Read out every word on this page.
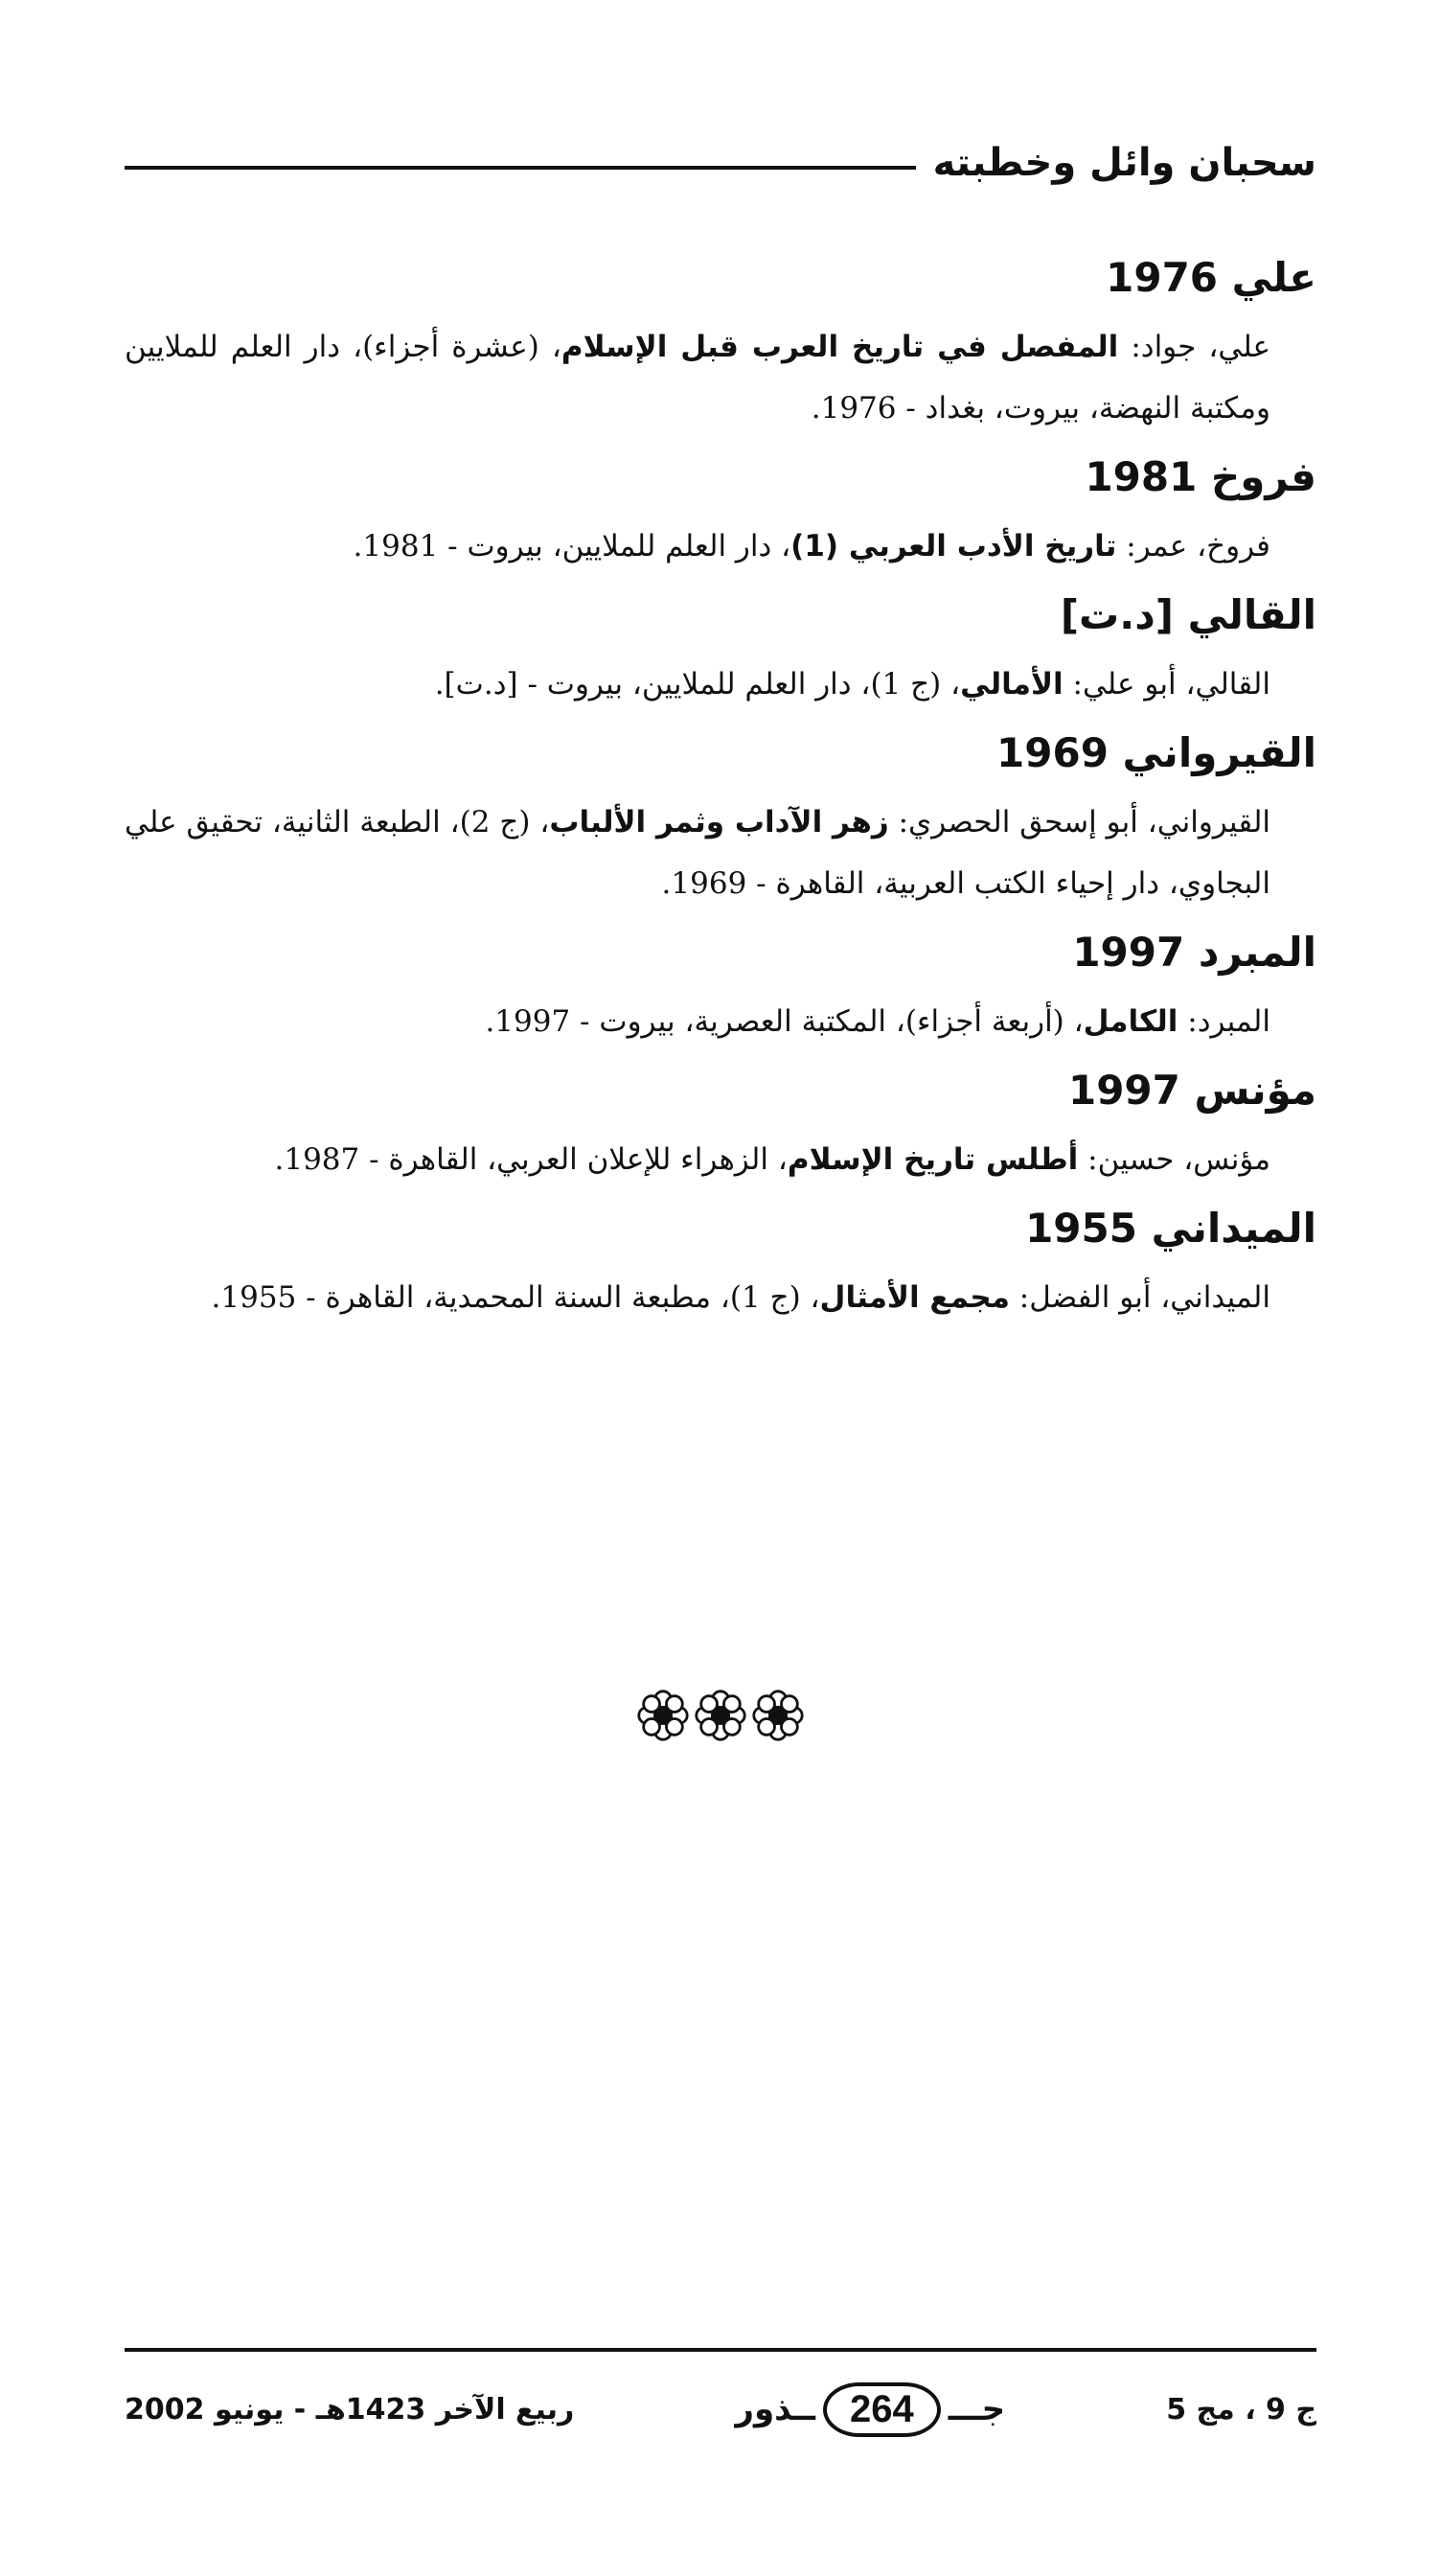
سحبان وائل وخطبته
علي 1976
علي، جواد: المفصل في تاريخ العرب قبل الإسلام، (عشرة أجزاء)، دار العلم للملايين ومكتبة النهضة، بيروت، بغداد - 1976.
فروخ 1981
فروخ، عمر: تاريخ الأدب العربي (1)، دار العلم للملايين، بيروت - 1981.
القالي [د.ت]
القالي، أبو علي: الأمالي، (ج 1)، دار العلم للملايين، بيروت - [د.ت].
القيرواني 1969
القيرواني، أبو إسحق الحصري: زهر الآداب وثمر الألباب، (ج 2)، الطبعة الثانية، تحقيق علي البجاوي، دار إحياء الكتب العربية، القاهرة - 1969.
المبرد 1997
المبرد: الكامل، (أربعة أجزاء)، المكتبة العصرية، بيروت - 1997.
مؤنس 1997
مؤنس، حسين: أطلس تاريخ الإسلام، الزهراء للإعلان العربي، القاهرة - 1987.
الميداني 1955
الميداني، أبو الفضل: مجمع الأمثال، (ج 1)، مطبعة السنة المحمدية، القاهرة - 1955.
ج 9 ، مج 5
جـــ
264
ــذور
ربيع الآخر 1423هـ - يونيو 2002
